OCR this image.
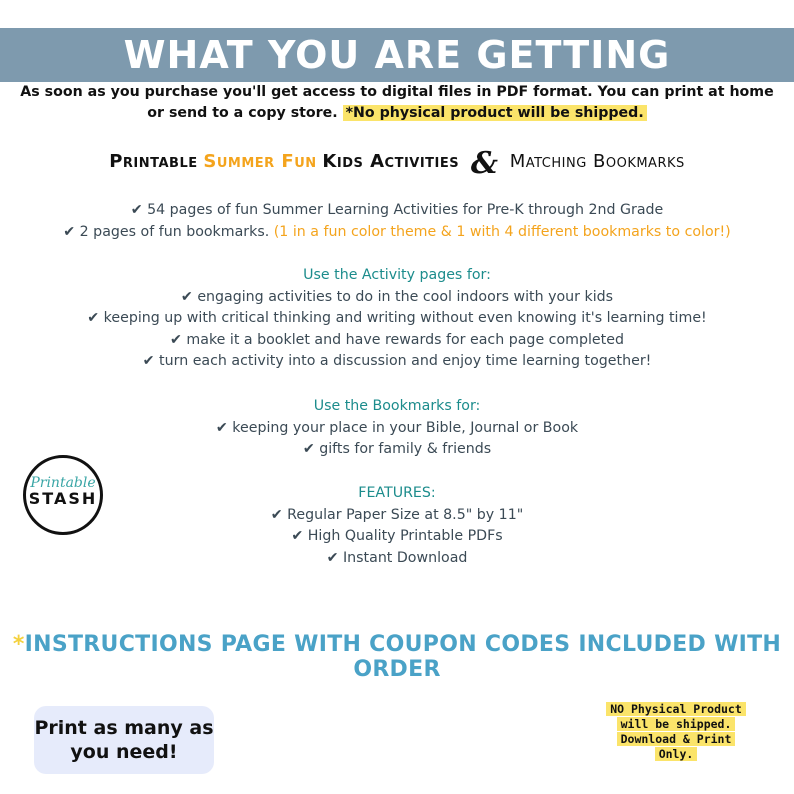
WHAT YOU ARE GETTING
As soon as you purchase you'll get access to digital files in PDF format. You can print at home
or send to a copy store. *No physical product will be shipped.
Printable Summer Fun Kids Activities & Matching Bookmarks
✔ 54 pages of fun Summer Learning Activities for Pre-K through 2nd Grade
✔ 2 pages of fun bookmarks. (1 in a fun color theme & 1 with 4 different bookmarks to color!)
Use the Activity pages for:
✔ engaging activities to do in the cool indoors with your kids
✔ keeping up with critical thinking and writing without even knowing it's learning time!
✔ make it a booklet and have rewards for each page completed
✔ turn each activity into a discussion and enjoy time learning together!
Use the Bookmarks for:
✔ keeping your place in your Bible, Journal or Book
✔ gifts for family & friends
FEATURES:
✔ Regular Paper Size at 8.5" by 11"
✔ High Quality Printable PDFs
✔ Instant Download
Printable
STASH
*INSTRUCTIONS PAGE WITH COUPON CODES INCLUDED WITH ORDER
Print as many as
you need!
NO Physical Product
will be shipped.
Download & Print
Only.
